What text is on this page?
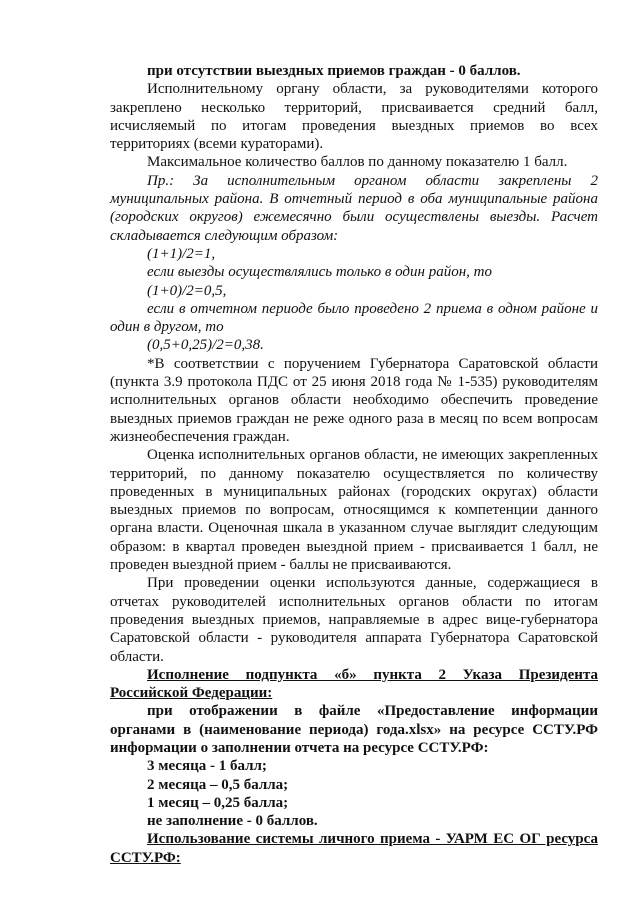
при отсутствии выездных приемов граждан - 0 баллов.

Исполнительному органу области, за руководителями которого закреплено несколько территорий, присваивается средний балл, исчисляемый по итогам проведения выездных приемов во всех территориях (всеми кураторами).

Максимальное количество баллов по данному показателю 1 балл.

Пр.: За исполнительным органом области закреплены 2 муниципальных района. В отчетный период в оба муниципальные района (городских округов) ежемесячно были осуществлены выезды. Расчет складывается следующим образом:

(1+1)/2=1,

если выезды осуществлялись только в один район, то

(1+0)/2=0,5,

если в отчетном периоде было проведено 2 приема в одном районе и один в другом, то

(0,5+0,25)/2=0,38.

*В соответствии с поручением Губернатора Саратовской области (пункта 3.9 протокола ПДС от 25 июня 2018 года № 1-535) руководителям исполнительных органов области необходимо обеспечить проведение выездных приемов граждан не реже одного раза в месяц по всем вопросам жизнеобеспечения граждан.

Оценка исполнительных органов области, не имеющих закрепленных территорий, по данному показателю осуществляется по количеству проведенных в муниципальных районах (городских округах) области выездных приемов по вопросам, относящимся к компетенции данного органа власти. Оценочная шкала в указанном случае выглядит следующим образом: в квартал проведен выездной прием - присваивается 1 балл, не проведен выездной прием - баллы не присваиваются.

При проведении оценки используются данные, содержащиеся в отчетах руководителей исполнительных органов области по итогам проведения выездных приемов, направляемые в адрес вице-губернатора Саратовской области - руководителя аппарата Губернатора Саратовской области.

Исполнение подпункта «б» пункта 2 Указа Президента Российской Федерации:

при отображении в файле «Предоставление информации органами в (наименование периода) года.xlsx» на ресурсе ССТУ.РФ информации о заполнении отчета на ресурсе ССТУ.РФ:

3 месяца - 1 балл;

2 месяца – 0,5 балла;

1 месяц – 0,25 балла;

не заполнение - 0 баллов.

Использование системы личного приема - УАРМ ЕС ОГ ресурса ССТУ.РФ:
